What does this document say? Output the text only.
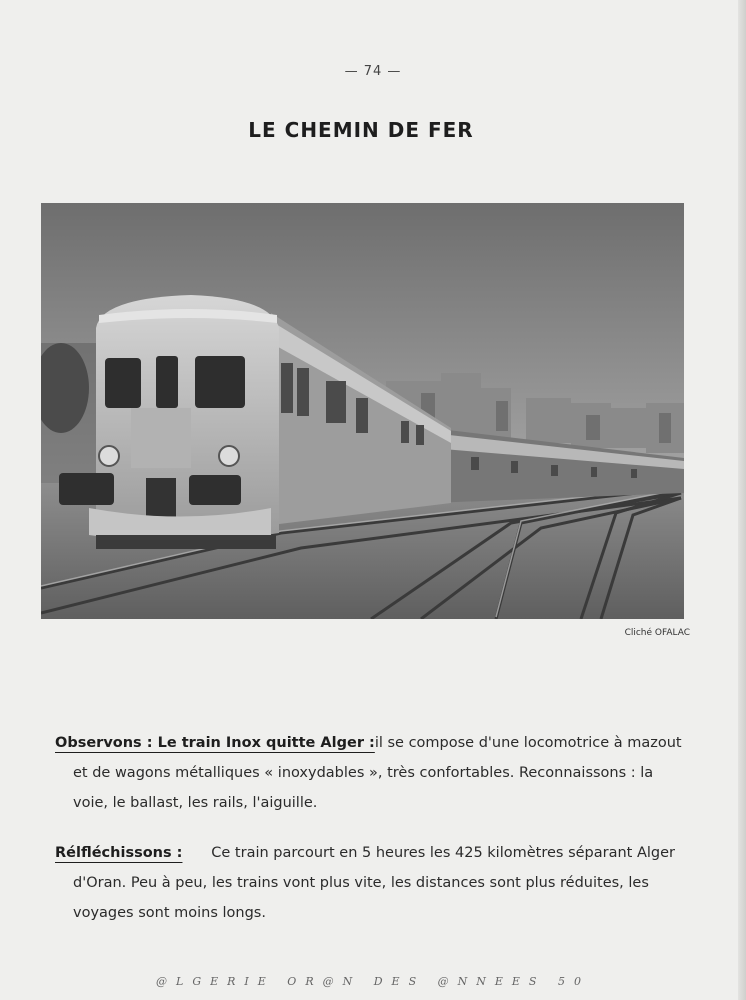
— 74 —
LE CHEMIN DE FER
Cliché OFALAC
Observons : Le train Inox quitte Alger : il se compose d'une locomotrice à mazout
et de wagons métalliques « inoxydables », très confortables. Reconnaissons : la
voie, le ballast, les rails, l'aiguille.
Rélfléchissons : Ce train parcourt en 5 heures les 425 kilomètres séparant Alger
d'Oran. Peu à peu, les trains vont plus vite, les distances sont plus réduites, les
voyages sont moins longs.
@LGERIE OR@N DES @NNEES 50
